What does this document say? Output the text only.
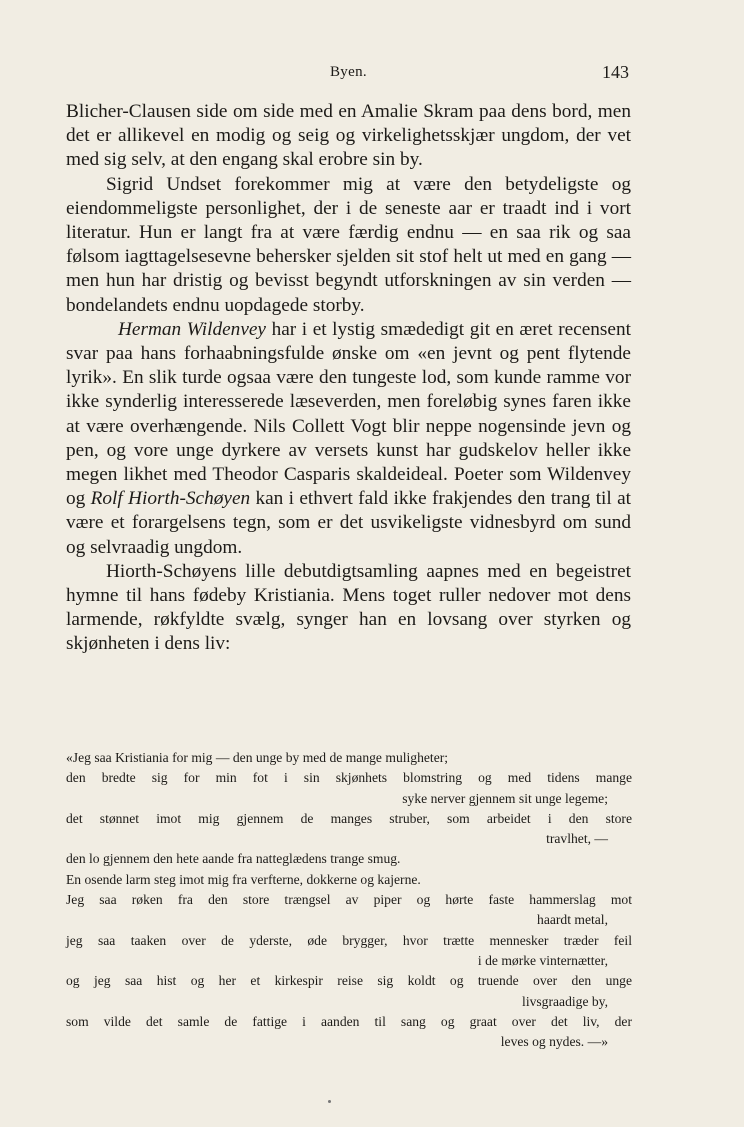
Byen.	143

Blicher-Clausen side om side med en Amalie Skram paa dens bord, men det er allikevel en modig og seig og virkelighetsskjær ungdom, der vet med sig selv, at den engang skal erobre sin by.

Sigrid Undset forekommer mig at være den betydeligste og eiendommeligste personlighet, der i de seneste aar er traadt ind i vort literatur. Hun er langt fra at være færdig endnu — en saa rik og saa følsom iagttagelsesevne behersker sjelden sit stof helt ut med en gang — men hun har dristig og bevisst begyndt utforskningen av sin verden — bondelandets endnu uopdagede storby.

Herman Wildenvey har i et lystig smædedigt git en æret recensent svar paa hans forhaabningsfulde ønske om «en jevnt og pent flytende lyrik». En slik turde ogsaa være den tungeste lod, som kunde ramme vor ikke synderlig interesserede læseverden, men foreløbig synes faren ikke at være overhængende. Nils Collett Vogt blir neppe nogensinde jevn og pen, og vore unge dyrkere av versets kunst har gudskelov heller ikke megen likhet med Theodor Casparis skaldeideal. Poeter som Wildenvey og Rolf Hiorth-Schøyen kan i ethvert fald ikke frakjendes den trang til at være et forargelsens tegn, som er det usvikeligste vidnesbyrd om sund og selvraadig ungdom.

Hiorth-Schøyens lille debutdigtsamling aapnes med en begeistret hymne til hans fødeby Kristiania. Mens toget ruller nedover mot dens larmende, røkfyldte svælg, synger han en lovsang over styrken og skjønheten i dens liv:

«Jeg saa Kristiania for mig — den unge by med de mange muligheter;

den bredte sig for min fot i sin skjønhets blomstring og med tidens mange
syke nerver gjennem sit unge legeme;

det stønnet imot mig gjennem de manges struber, som arbeidet i den store
travlhet, —

den lo gjennem den hete aande fra natteglædens trange smug.

En osende larm steg imot mig fra verfterne, dokkerne og kajerne.

Jeg saa røken fra den store trængsel av piper og hørte faste hammerslag mot
haardt metal,

jeg saa taaken over de yderste, øde brygger, hvor trætte mennesker træder feil
i de mørke vinternætter,

og jeg saa hist og her et kirkespir reise sig koldt og truende over den unge
livsgraadige by,

som vilde det samle de fattige i aanden til sang og graat over det liv, der
leves og nydes. —»
